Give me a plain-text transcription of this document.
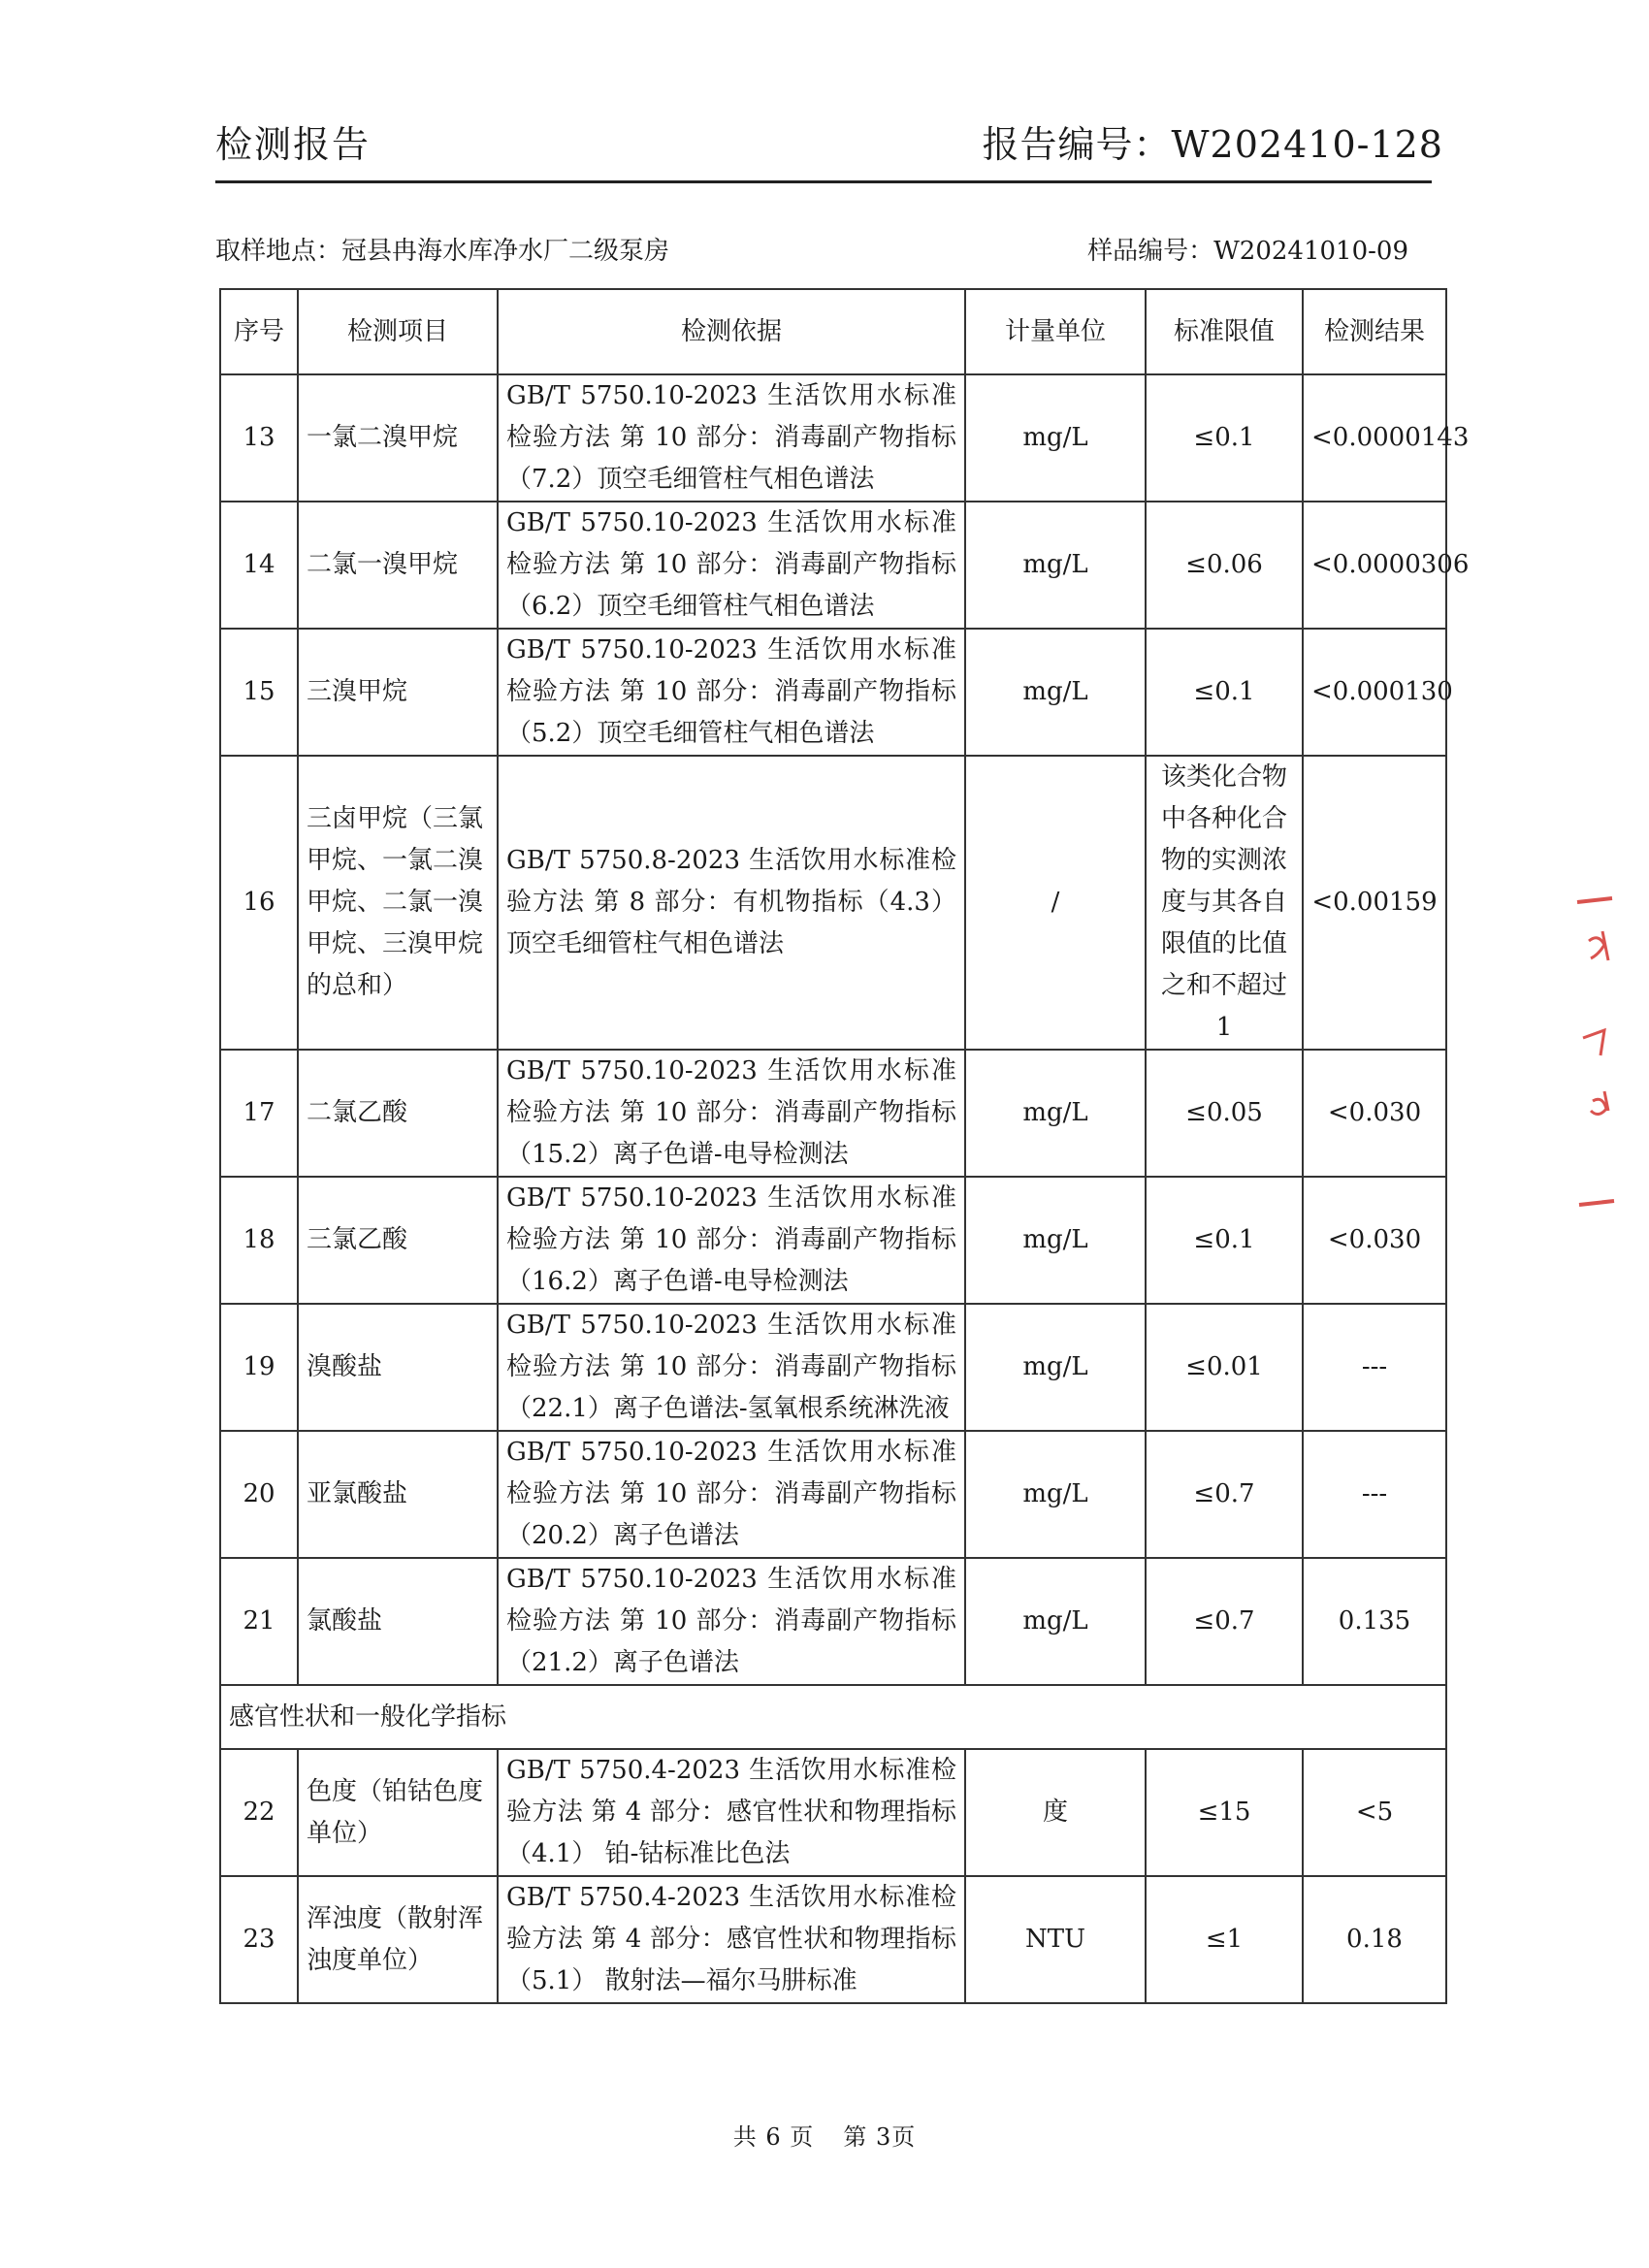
检测报告	报告编号：W202410-128
取样地点：冠县冉海水库净水厂二级泵房	样品编号：W20241010-09
序号	检测项目	检测依据	计量单位	标准限值	检测结果
13	一氯二溴甲烷	GB/T 5750.10-2023 生活饮用水标准检验方法 第 10 部分：消毒副产物指标（7.2）顶空毛细管柱气相色谱法	mg/L	≤0.1	<0.0000143
14	二氯一溴甲烷	GB/T 5750.10-2023 生活饮用水标准检验方法 第 10 部分：消毒副产物指标（6.2）顶空毛细管柱气相色谱法	mg/L	≤0.06	<0.0000306
15	三溴甲烷	GB/T 5750.10-2023 生活饮用水标准检验方法 第 10 部分：消毒副产物指标（5.2）顶空毛细管柱气相色谱法	mg/L	≤0.1	<0.000130
16	三卤甲烷（三氯甲烷、一氯二溴甲烷、二氯一溴甲烷、三溴甲烷的总和）	GB/T 5750.8-2023 生活饮用水标准检验方法 第 8 部分：有机物指标（4.3）顶空毛细管柱气相色谱法	/	该类化合物中各种化合物的实测浓度与其各自限值的比值之和不超过1	<0.00159
17	二氯乙酸	GB/T 5750.10-2023 生活饮用水标准检验方法 第 10 部分：消毒副产物指标（15.2）离子色谱-电导检测法	mg/L	≤0.05	<0.030
18	三氯乙酸	GB/T 5750.10-2023 生活饮用水标准检验方法 第 10 部分：消毒副产物指标（16.2）离子色谱-电导检测法	mg/L	≤0.1	<0.030
19	溴酸盐	GB/T 5750.10-2023 生活饮用水标准检验方法 第 10 部分：消毒副产物指标（22.1）离子色谱法-氢氧根系统淋洗液	mg/L	≤0.01	---
20	亚氯酸盐	GB/T 5750.10-2023 生活饮用水标准检验方法 第 10 部分：消毒副产物指标（20.2）离子色谱法	mg/L	≤0.7	---
21	氯酸盐	GB/T 5750.10-2023 生活饮用水标准检验方法 第 10 部分：消毒副产物指标（21.2）离子色谱法	mg/L	≤0.7	0.135
感官性状和一般化学指标					
22	色度（铂钴色度单位）	GB/T 5750.4-2023 生活饮用水标准检验方法 第 4 部分：感官性状和物理指标（4.1） 铂-钴标准比色法	度	≤15	<5
23	浑浊度（散射浑浊度单位）	GB/T 5750.4-2023 生活饮用水标准检验方法 第 4 部分：感官性状和物理指标（5.1） 散射法—福尔马肼标准	NTU	≤1	0.18
共 6 页 第 3页
